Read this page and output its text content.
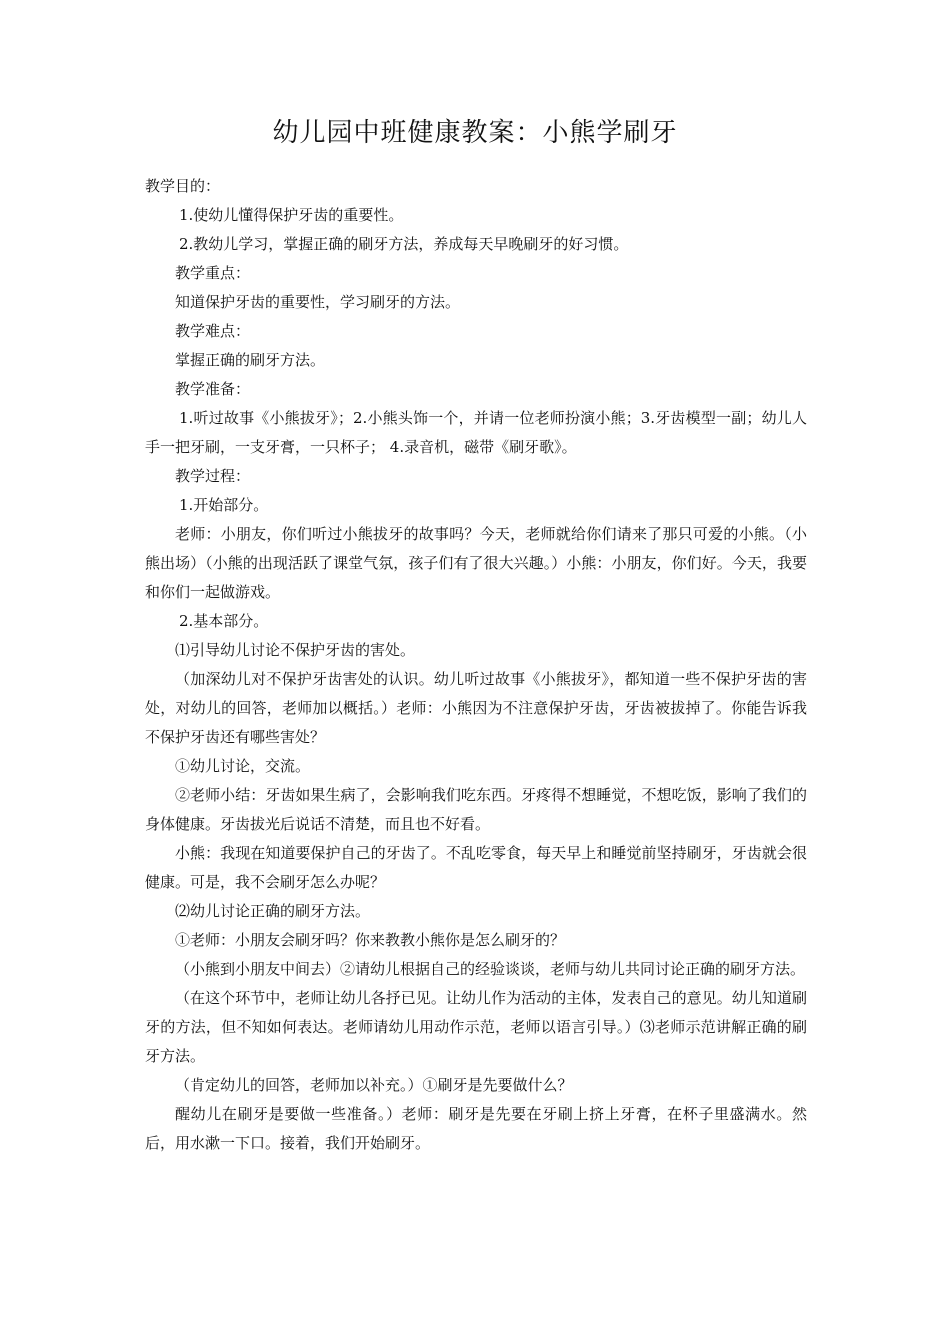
幼儿园中班健康教案：小熊学刷牙

教学目的：

1.使幼儿懂得保护牙齿的重要性。

2.教幼儿学习，掌握正确的刷牙方法，养成每天早晚刷牙的好习惯。

教学重点：

知道保护牙齿的重要性，学习刷牙的方法。

教学难点：

掌握正确的刷牙方法。

教学准备：

1.听过故事《小熊拔牙》；2.小熊头饰一个，并请一位老师扮演小熊；3.牙齿模型一副；幼儿人手一把牙刷，一支牙膏，一只杯子； 4.录音机，磁带《刷牙歌》。

教学过程：

1.开始部分。

老师：小朋友，你们听过小熊拔牙的故事吗？今天，老师就给你们请来了那只可爱的小熊。（小熊出场）（小熊的出现活跃了课堂气氛，孩子们有了很大兴趣。）小熊：小朋友，你们好。今天，我要和你们一起做游戏。

2.基本部分。

⑴引导幼儿讨论不保护牙齿的害处。

（加深幼儿对不保护牙齿害处的认识。幼儿听过故事《小熊拔牙》，都知道一些不保护牙齿的害处，对幼儿的回答，老师加以概括。）老师：小熊因为不注意保护牙齿，牙齿被拔掉了。你能告诉我不保护牙齿还有哪些害处？

①幼儿讨论，交流。

②老师小结：牙齿如果生病了，会影响我们吃东西。牙疼得不想睡觉，不想吃饭，影响了我们的身体健康。牙齿拔光后说话不清楚，而且也不好看。

小熊：我现在知道要保护自己的牙齿了。不乱吃零食，每天早上和睡觉前坚持刷牙，牙齿就会很健康。可是，我不会刷牙怎么办呢？

⑵幼儿讨论正确的刷牙方法。

①老师：小朋友会刷牙吗？你来教教小熊你是怎么刷牙的？

（小熊到小朋友中间去）②请幼儿根据自己的经验谈谈，老师与幼儿共同讨论正确的刷牙方法。

（在这个环节中，老师让幼儿各抒已见。让幼儿作为活动的主体，发表自己的意见。幼儿知道刷牙的方法，但不知如何表达。老师请幼儿用动作示范，老师以语言引导。）⑶老师示范讲解正确的刷牙方法。

（肯定幼儿的回答，老师加以补充。）①刷牙是先要做什么？

醒幼儿在刷牙是要做一些准备。）老师：刷牙是先要在牙刷上挤上牙膏，在杯子里盛满水。然后，用水漱一下口。接着，我们开始刷牙。
